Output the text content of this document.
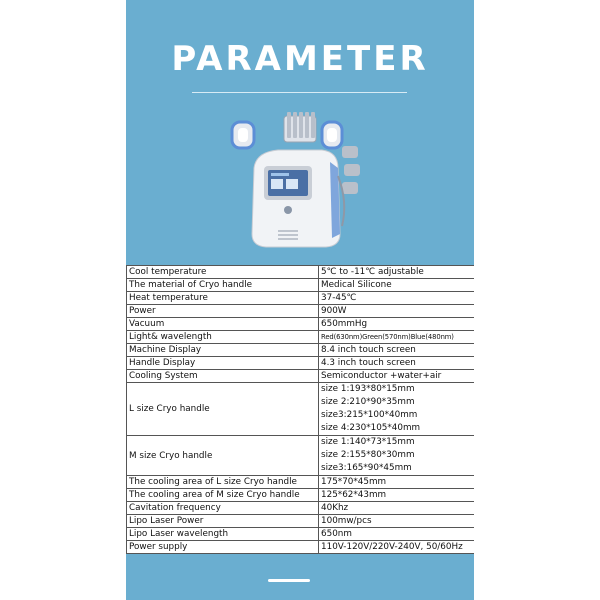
PARAMETER
Cool temperature	5℃ to -11℃ adjustable
The material of Cryo handle	Medical Silicone
Heat temperature	37-45℃
Power	900W
Vacuum	650mmHg
Light& wavelength	Red(630nm)Green(570nm)Blue(480nm)
Machine Display	8.4 inch touch screen
Handle Display	4.3 inch touch screen
Cooling System	Semiconductor +water+air
L size Cryo handle	size 1:193*80*15mm
size 2:210*90*35mm
size3:215*100*40mm
size 4:230*105*40mm

M size Cryo handle	size 1:140*73*15mm
size 2:155*80*30mm
size3:165*90*45mm

The cooling area of L size Cryo handle	175*70*45mm
The cooling area of M size Cryo handle	125*62*43mm
Cavitation frequency	40Khz
Lipo Laser Power	100mw/pcs
Lipo Laser wavelength	650nm
Power supply	110V-120V/220V-240V, 50/60Hz
